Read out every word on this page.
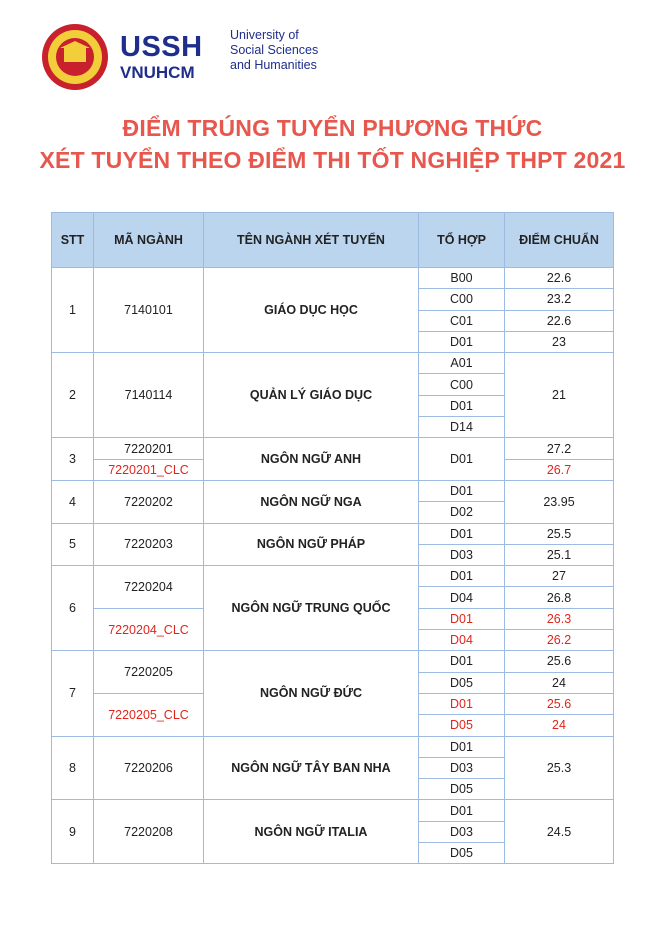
USSH
VNUHCM
University of
Social Sciences
and Humanities
ĐIỂM TRÚNG TUYỂN PHƯƠNG THỨC
XÉT TUYỂN THEO ĐIỂM THI TỐT NGHIỆP THPT 2021
STT	MÃ NGÀNH	TÊN NGÀNH XÉT TUYỂN	TỔ HỢP	ĐIỂM CHUẨN
1	7140101	GIÁO DỤC HỌC	B00	22.6
			C00	23.2
			C01	22.6
			D01	23
2	7140114	QUẢN LÝ GIÁO DỤC	A01	21
			C00	
			D01	
			D14	
3	7220201	NGÔN NGỮ ANH	D01	27.2
	7220201_CLC			26.7
4	7220202	NGÔN NGỮ NGA	D01	23.95
			D02	
5	7220203	NGÔN NGỮ PHÁP	D01	25.5
			D03	25.1
6	7220204	NGÔN NGỮ TRUNG QUỐC	D01	27
			D04	26.8
	7220204_CLC		D01	26.3
			D04	26.2
7	7220205	NGÔN NGỮ ĐỨC	D01	25.6
			D05	24
	7220205_CLC		D01	25.6
			D05	24
8	7220206	NGÔN NGỮ TÂY BAN NHA	D01	25.3
			D03	
			D05	
9	7220208	NGÔN NGỮ ITALIA	D01	24.5
			D03	
			D05	
